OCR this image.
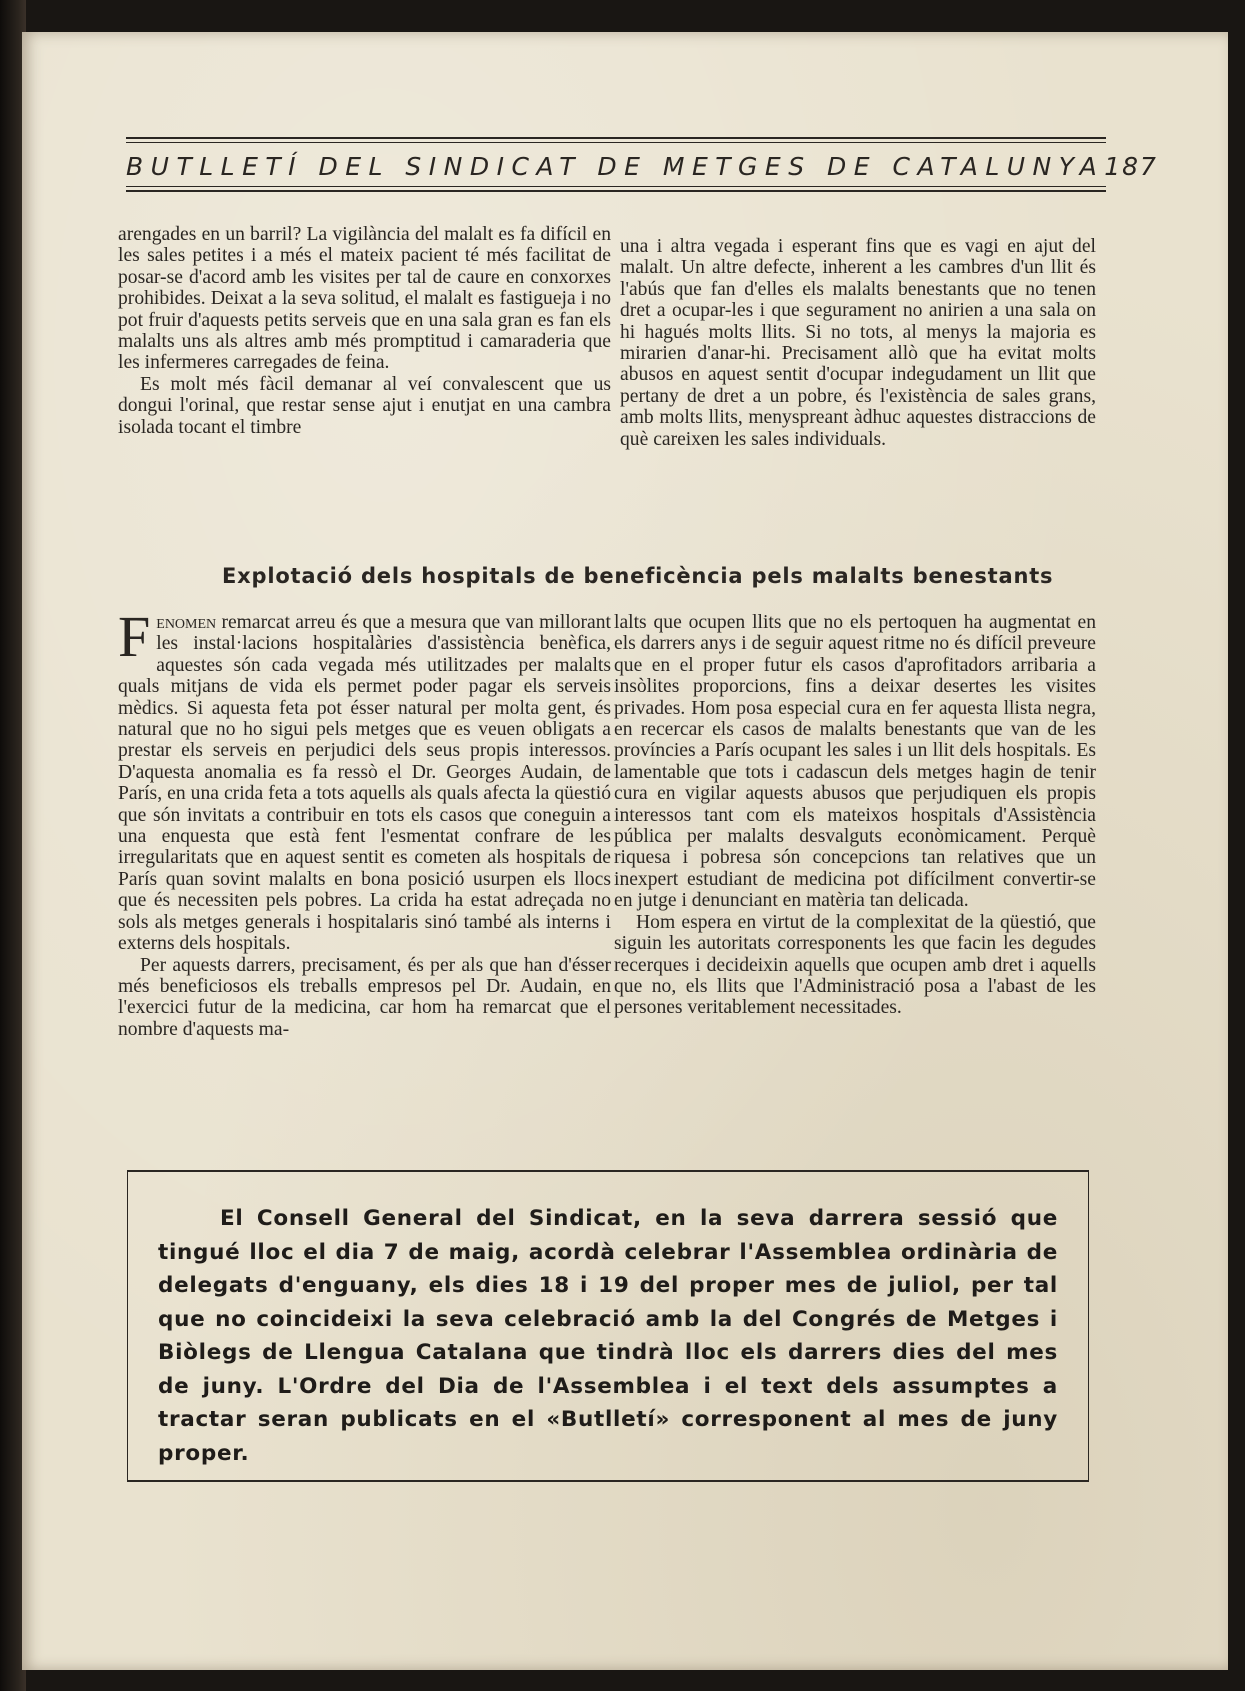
BUTLLETÍ DEL SINDICAT DE METGES DE CATALUNYA 187

arengades en un barril? La vigilància del malalt es fa difícil en les sales petites i a més el mateix pacient té més facilitat de posar-se d'acord amb les visites per tal de caure en conxorxes prohibides. Deixat a la seva solitud, el malalt es fastigueja i no pot fruir d'aquests petits serveis que en una sala gran es fan els malalts uns als altres amb més promptitud i camaraderia que les infermeres carregades de feina.

Es molt més fàcil demanar al veí convalescent que us dongui l'orinal, que restar sense ajut i enutjat en una cambra isolada tocant el timbre

una i altra vegada i esperant fins que es vagi en ajut del malalt. Un altre defecte, inherent a les cambres d'un llit és l'abús que fan d'elles els malalts benestants que no tenen dret a ocupar-les i que segurament no anirien a una sala on hi hagués molts llits. Si no tots, al menys la majoria es mirarien d'anar-hi. Precisament allò que ha evitat molts abusos en aquest sentit d'ocupar indegudament un llit que pertany de dret a un pobre, és l'existència de sales grans, amb molts llits, menyspreant àdhuc aquestes distraccions de què careixen les sales individuals.

Explotació dels hospitals de beneficència pels malalts benestants

Fenomen remarcat arreu és que a mesura que van millorant les instal·lacions hospitalàries d'assistència benèfica, aquestes són cada vegada més utilitzades per malalts quals mitjans de vida els permet poder pagar els serveis mèdics. Si aquesta feta pot ésser natural per molta gent, és natural que no ho sigui pels metges que es veuen obligats a prestar els serveis en perjudici dels seus propis interessos. D'aquesta anomalia es fa ressò el Dr. Georges Audain, de París, en una crida feta a tots aquells als quals afecta la qüestió que són invitats a contribuir en tots els casos que coneguin a una enquesta que està fent l'esmentat confrare de les irregularitats que en aquest sentit es cometen als hospitals de París quan sovint malalts en bona posició usurpen els llocs que és necessiten pels pobres. La crida ha estat adreçada no sols als metges generals i hospitalaris sinó també als interns i externs dels hospitals.

Per aquests darrers, precisament, és per als que han d'ésser més beneficiosos els treballs empresos pel Dr. Audain, en l'exercici futur de la medicina, car hom ha remarcat que el nombre d'aquests ma-

lalts que ocupen llits que no els pertoquen ha augmentat en els darrers anys i de seguir aquest ritme no és difícil preveure que en el proper futur els casos d'aprofitadors arribaria a insòlites proporcions, fins a deixar desertes les visites privades. Hom posa especial cura en fer aquesta llista negra, en recercar els casos de malalts benestants que van de les províncies a París ocupant les sales i un llit dels hospitals. Es lamentable que tots i cadascun dels metges hagin de tenir cura en vigilar aquests abusos que perjudiquen els propis interessos tant com els mateixos hospitals d'Assistència pública per malalts desvalguts econòmicament. Perquè riquesa i pobresa són concepcions tan relatives que un inexpert estudiant de medicina pot difícilment convertir-se en jutge i denunciant en matèria tan delicada.

Hom espera en virtut de la complexitat de la qüestió, que siguin les autoritats corresponents les que facin les degudes recerques i decideixin aquells que ocupen amb dret i aquells que no, els llits que l'Administració posa a l'abast de les persones veritablement necessitades.

El Consell General del Sindicat, en la seva darrera sessió que tingué lloc el dia 7 de maig, acordà celebrar l'Assemblea ordinària de delegats d'enguany, els dies 18 i 19 del proper mes de juliol, per tal que no coincideixi la seva celebració amb la del Congrés de Metges i Biòlegs de Llengua Catalana que tindrà lloc els darrers dies del mes de juny. L'Ordre del Dia de l'Assemblea i el text dels assumptes a tractar seran publicats en el «Butlletí» corresponent al mes de juny proper.
